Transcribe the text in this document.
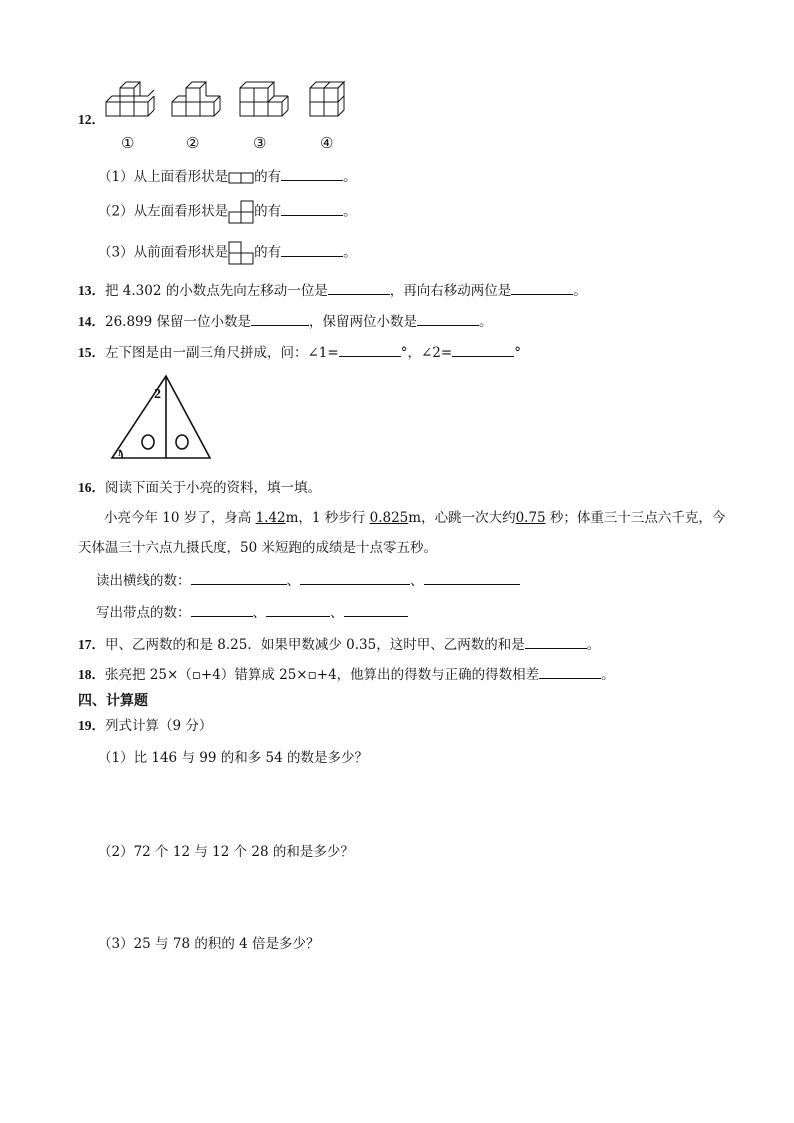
12．
①	②	③	④
（1）从上面看形状是 的有	。
（2）从左面看形状是 的有	。
（3）从前面看形状是 的有	。
13．把 4.302 的小数点先向左移动一位是	，再向右移动两位是	。
14．26.899 保留一位小数是	，保留两位小数是	。
15．左下图是由一副三角尺拼成，问：∠1=	°，∠2=	°
2
1
16．阅读下面关于小亮的资料，填一填。
小亮今年 10 岁了，身高 1.42m，1 秒步行 0.825m，心跳一次大约0.75 秒；体重三十三点六千克，今
天体温三十六点九摄氏度，50 米短跑的成绩是十点零五秒。
读出横线的数：	、	、
写出带点的数：	、	、
17．甲、乙两数的和是 8.25．如果甲数减少 0.35，这时甲、乙两数的和是	。
18．张亮把 25×（▫+4）错算成 25×▫+4，他算出的得数与正确的得数相差	。
四、计算题
19．列式计算（9 分）
（1）比 146 与 99 的和多 54 的数是多少？
（2）72 个 12 与 12 个 28 的和是多少？
（3）25 与 78 的积的 4 倍是多少？
